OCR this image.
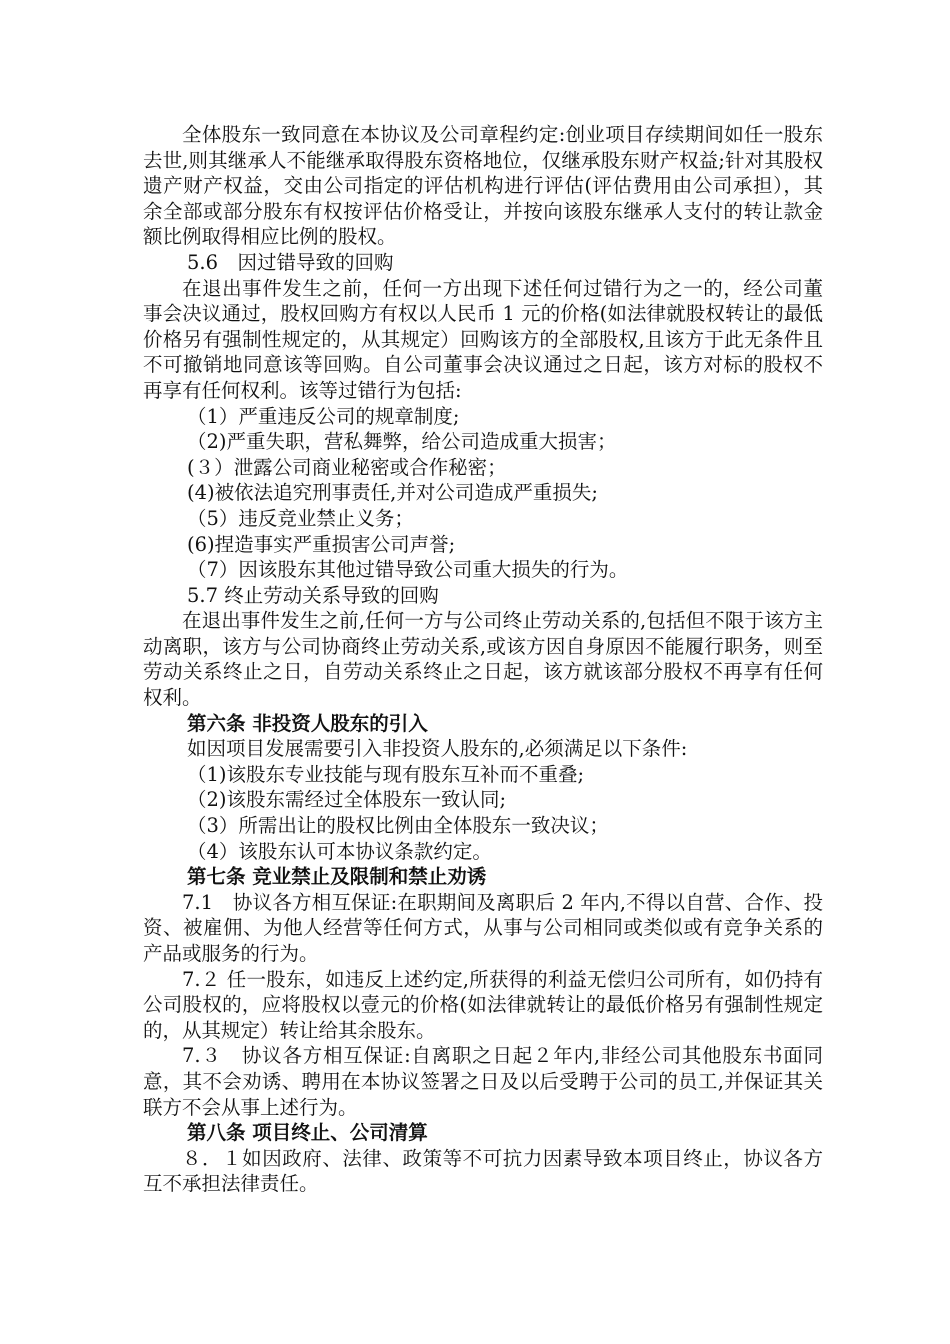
全体股东一致同意在本协议及公司章程约定:创业项目存续期间如任一股东去世,则其继承人不能继承取得股东资格地位，仅继承股东财产权益;针对其股权遗产财产权益，交由公司指定的评估机构进行评估(评估费用由公司承担），其余全部或部分股东有权按评估价格受让，并按向该股东继承人支付的转让款金额比例取得相应比例的股权。

5.6　因过错导致的回购

在退出事件发生之前，任何一方出现下述任何过错行为之一的，经公司董事会决议通过，股权回购方有权以人民币 1 元的价格(如法律就股权转让的最低价格另有强制性规定的，从其规定）回购该方的全部股权,且该方于此无条件且不可撤销地同意该等回购。自公司董事会决议通过之日起，该方对标的股权不再享有任何权利。该等过错行为包括:

（1）严重违反公司的规章制度;

（2)严重失职，营私舞弊，给公司造成重大损害；

(３）泄露公司商业秘密或合作秘密；

(4)被依法追究刑事责任,并对公司造成严重损失;

（5）违反竞业禁止义务；

(6)捏造事实严重损害公司声誉;

（7）因该股东其他过错导致公司重大损失的行为。

5.7 终止劳动关系导致的回购

在退出事件发生之前,任何一方与公司终止劳动关系的,包括但不限于该方主动离职，该方与公司协商终止劳动关系,或该方因自身原因不能履行职务，则至劳动关系终止之日，自劳动关系终止之日起，该方就该部分股权不再享有任何权利。

第六条 非投资人股东的引入

如因项目发展需要引入非投资人股东的,必须满足以下条件:

（1)该股东专业技能与现有股东互补而不重叠;

（2)该股东需经过全体股东一致认同;

（3）所需出让的股权比例由全体股东一致决议；

（4）该股东认可本协议条款约定。

第七条 竞业禁止及限制和禁止劝诱

7.1　协议各方相互保证:在职期间及离职后 2 年内,不得以自营、合作、投资、被雇佣、为他人经营等任何方式，从事与公司相同或类似或有竞争关系的产品或服务的行为。

7.２ 任一股东，如违反上述约定,所获得的利益无偿归公司所有，如仍持有公司股权的，应将股权以壹元的价格(如法律就转让的最低价格另有强制性规定的，从其规定）转让给其余股东。

7.３　协议各方相互保证:自离职之日起２年内,非经公司其他股东书面同意，其不会劝诱、聘用在本协议签署之日及以后受聘于公司的员工,并保证其关联方不会从事上述行为。

第八条 项目终止、公司清算

８．１如因政府、法律、政策等不可抗力因素导致本项目终止，协议各方互不承担法律责任。
